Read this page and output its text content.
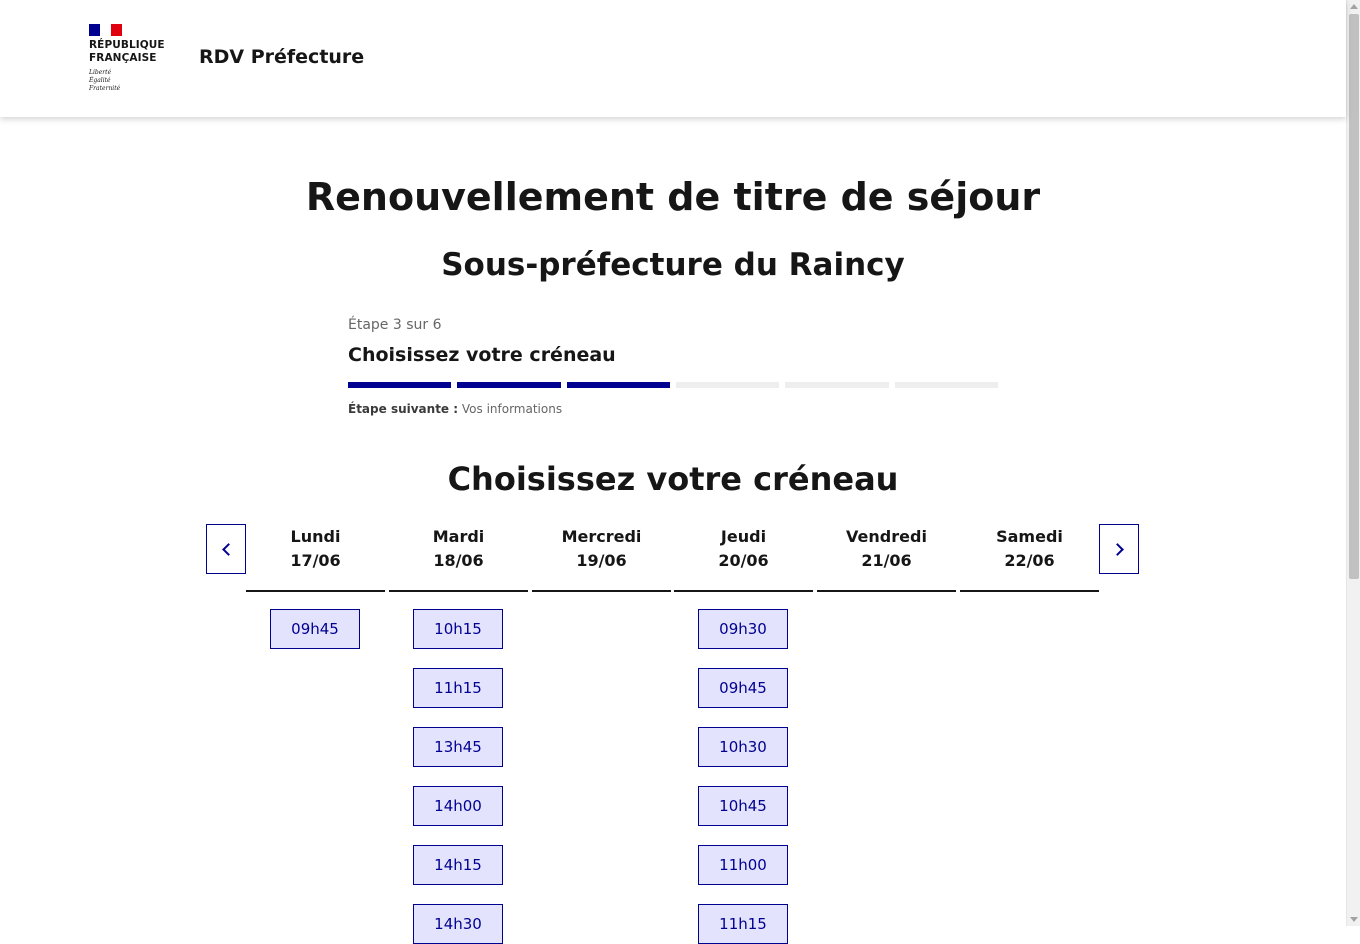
RÉPUBLIQUE
FRANÇAISE
Liberté
Égalité
Fraternité
RDV Préfecture
Renouvellement de titre de séjour
Sous-préfecture du Raincy
Étape 3 sur 6
Choisissez votre créneau
Étape suivante : Vos informations
Choisissez votre créneau
Lundi
17/06
09h45
Mardi
18/06
10h15
11h15
13h45
14h00
14h15
14h30
Mercredi
19/06
Jeudi
20/06
09h30
09h45
10h30
10h45
11h00
11h15
Vendredi
21/06
Samedi
22/06
